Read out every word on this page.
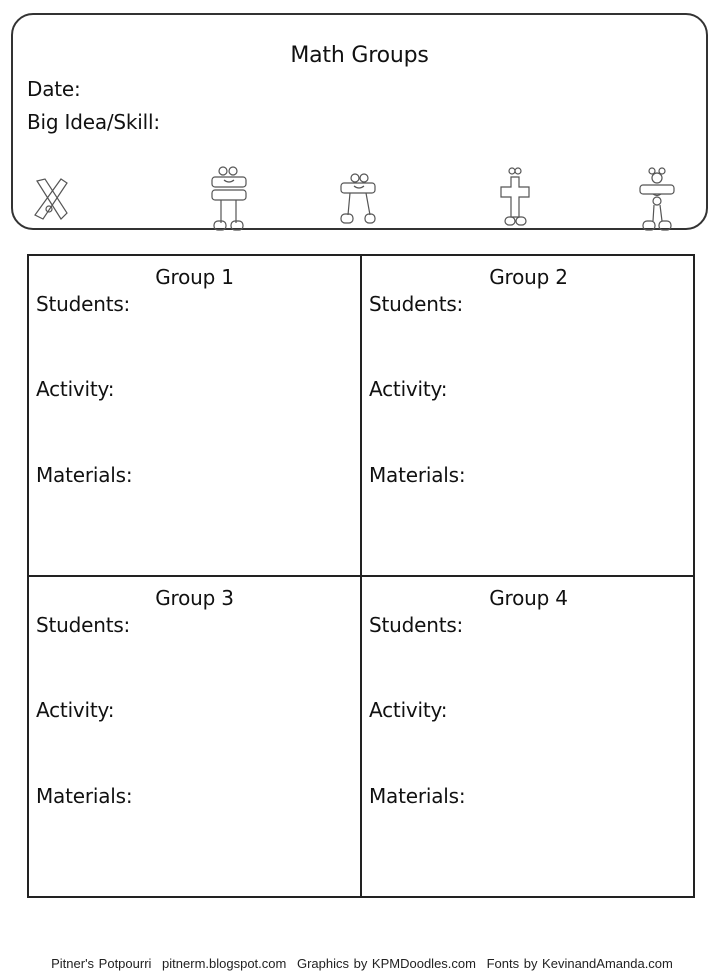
Math Groups
Date:
Big Idea/Skill:
Group 1
Students:
Activity:
Materials:
Group 2
Students:
Activity:
Materials:
Group 3
Students:
Activity:
Materials:
Group 4
Students:
Activity:
Materials:
Pitner's Potpourri pitnerm.blogspot.com Graphics by KPMDoodles.com Fonts by KevinandAmanda.com
